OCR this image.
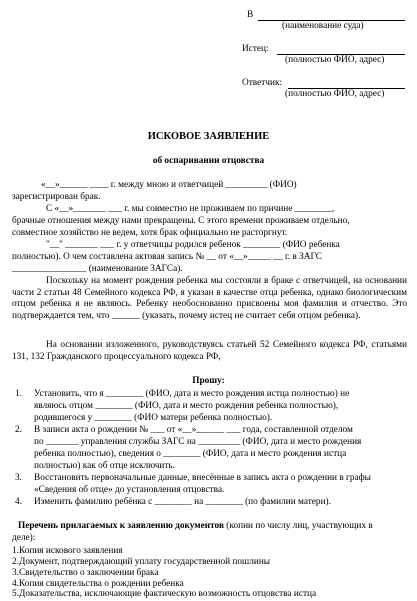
В
(наименование суда)
Истец:
(полностью ФИО, адрес)
Ответчик:
(полностью ФИО, адрес)
ИСКОВОЕ ЗАЯВЛЕНИЕ
об оспаривании отцовства
«__»______ ____ г. между мною и ответчицей _________ (ФИО)
зарегистрирован брак.
С «__»_______ ___ г. мы совместно не проживаем по причине ________,
брачные отношения между нами прекращены. С этого времени проживаем отдельно,
совместное хозяйство не ведем, хотя брак официально не расторгнут.
"__" _______ ___ г. у ответчицы родился ребенок ________ (ФИО ребенка
полностью). О чем составлена актовая запись № __ от «__»_____ __ г. в ЗАГС
________________ (наименование ЗАГСа).
Поскольку на момент рождения ребенка мы состояли в браке с ответчицей, на основании части 2 статьи 48 Семейного кодекса РФ, я указан в качестве отца ребенка, однако биологическим отцом ребенка я не являюсь. Ребенку необоснованно присвоены моя фамилия и отчество. Это подтверждается тем, что ______ (указать, почему истец не считает себя отцом ребенка).
На основании изложенного, руководствуясь статьей 52 Семейного кодекса РФ, статьями 131, 132 Гражданского процессуального кодекса РФ,
Прошу:
1. Установить, что я ________ (ФИО, дата и место рождения истца полностью) не
являюсь отцом ________ (ФИО, дата и место рождения ребенка полностью),
родившегося у ________ (ФИО матери ребенка полностью).
2. В записи акта о рождении № ___ от «__»______ ___ года, составленной отделом
по _______ управления службы ЗАГС на _________ (ФИО, дата и место рождения
ребенка полностью), сведения о ________ (ФИО, дата и место рождения истца
полностью) как об отце исключить.
3. Восстановить первоначальные данные, внесённые в запись акта о рождении в графы
«Сведения об отце» до установления отцовства.
4. Изменить фамилию ребёнка с ________ на ________ (по фамилии матери).
Перечень прилагаемых к заявлению документов (копии по числу лиц, участвующих в
деле):
1.Копия искового заявления
2.Документ, подтверждающий уплату государственной пошлины
3.Свидетельство о заключении брака
4.Копия свидетельства о рождении ребенка
5.Доказательства, исключающие фактическую возможность отцовства истца
